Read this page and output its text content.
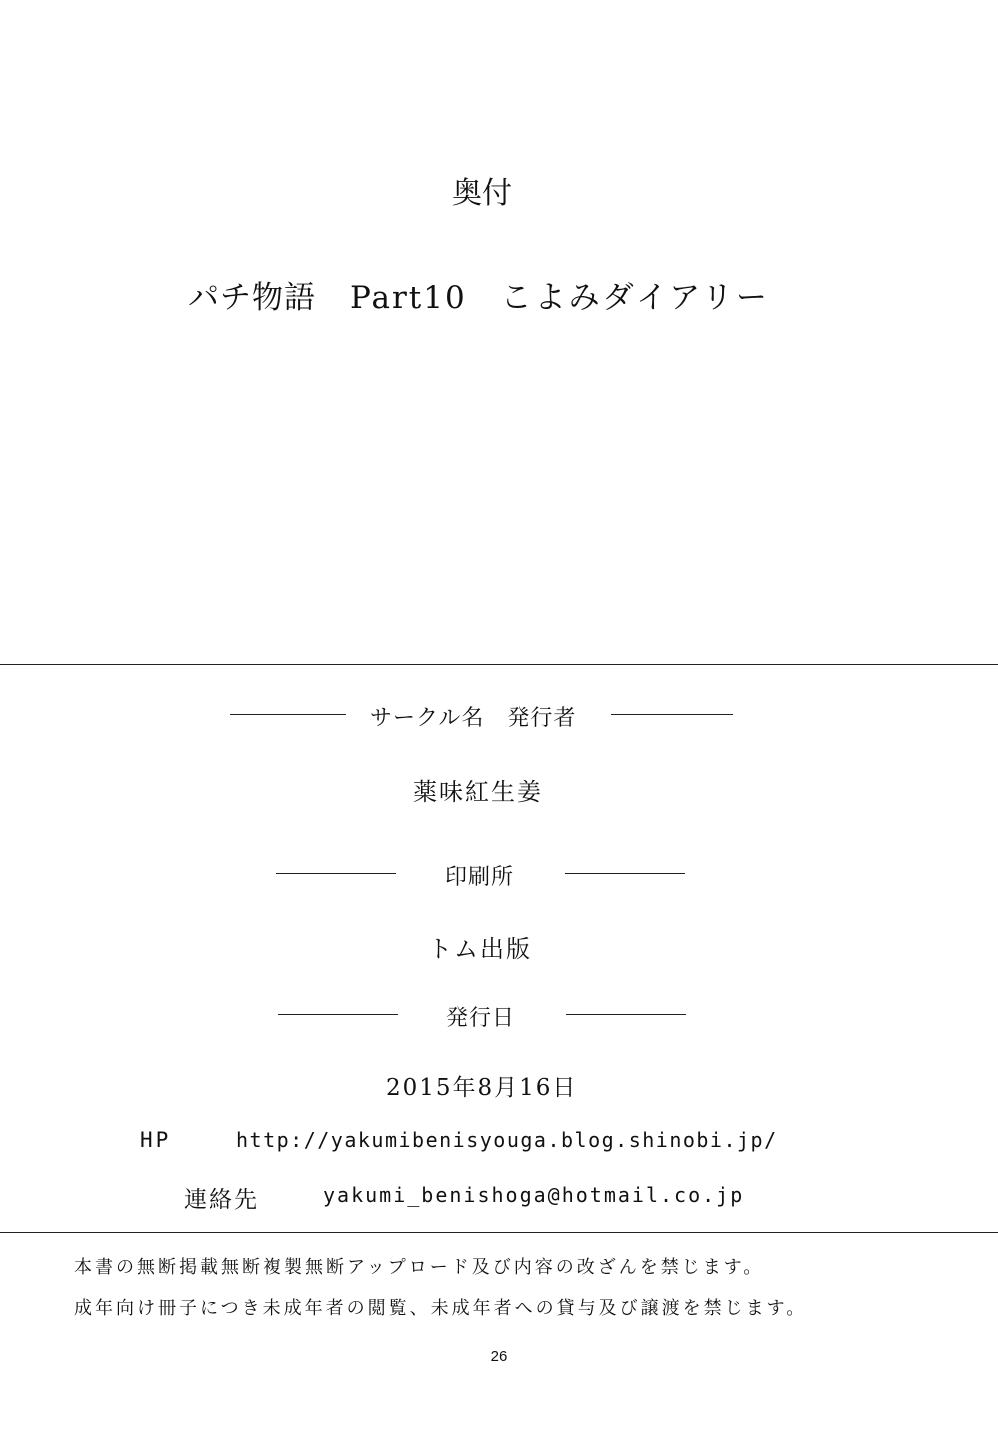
奥付
パチ物語 Part10 こよみダイアリー
サークル名　発行者
薬味紅生姜
印刷所
トム出版
発行日
2015年8月16日
HP	http://yakumibenisyouga.blog.shinobi.jp/
連絡先	yakumi_benishoga@hotmail.co.jp
本書の無断掲載無断複製無断アップロード及び内容の改ざんを禁じます。
成年向け冊子につき未成年者の閲覧、未成年者への貸与及び譲渡を禁じます。
26
